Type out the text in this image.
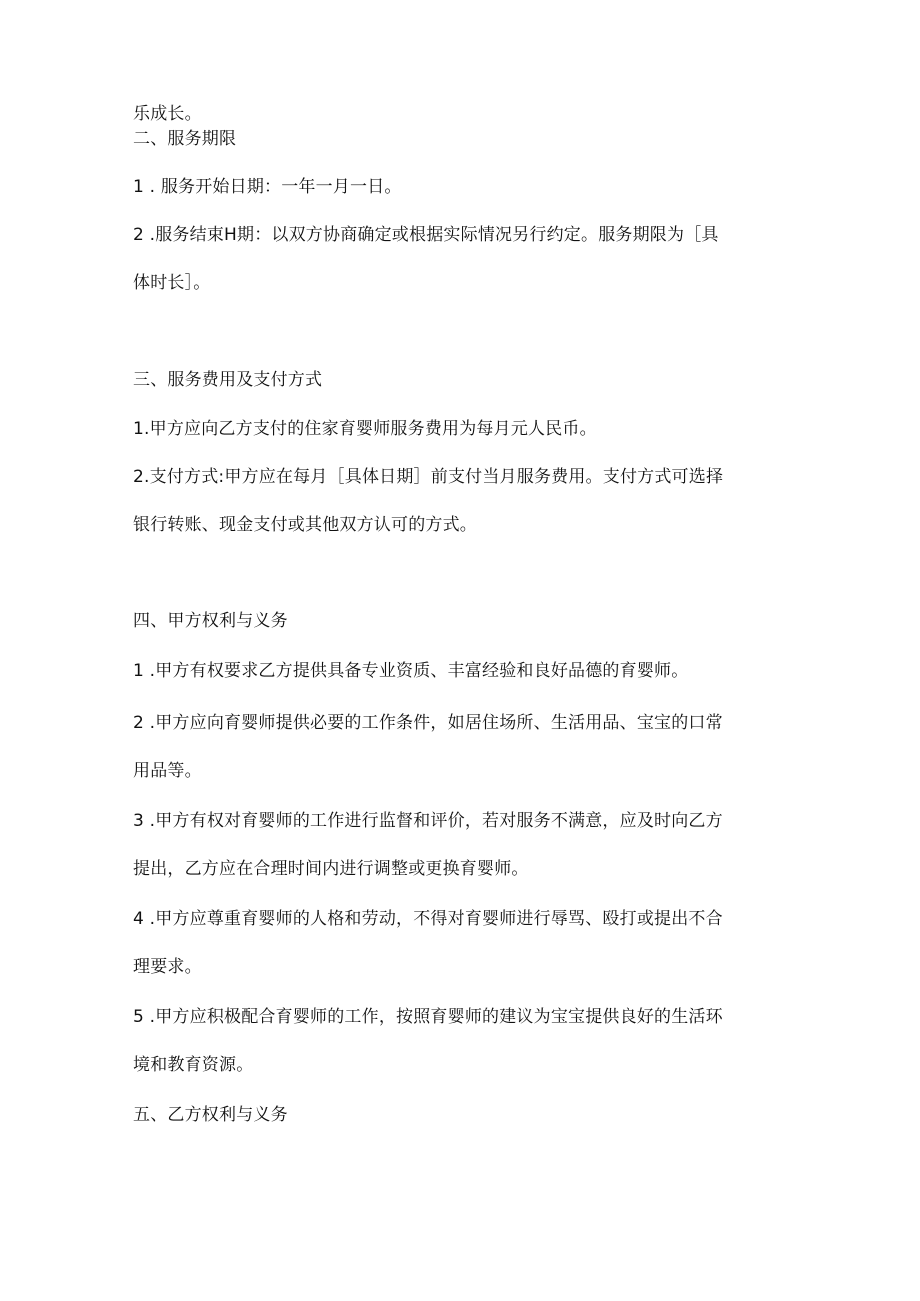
乐成长。
二、服务期限
1 . 服务开始日期：一年一月一日。
2 .服务结束H期：以双方协商确定或根据实际情况另行约定。服务期限为［具
体时长］。
三、服务费用及支付方式
1.甲方应向乙方支付的住家育婴师服务费用为每月元人民币。
2.支付方式:甲方应在每月［具体日期］前支付当月服务费用。支付方式可选择
银行转账、现金支付或其他双方认可的方式。
四、甲方权利与义务
1 .甲方有权要求乙方提供具备专业资质、丰富经验和良好品德的育婴师。
2 .甲方应向育婴师提供必要的工作条件，如居住场所、生活用品、宝宝的口常
用品等。
3 .甲方有权对育婴师的工作进行监督和评价，若对服务不满意，应及时向乙方
提出，乙方应在合理时间内进行调整或更换育婴师。
4 .甲方应尊重育婴师的人格和劳动，不得对育婴师进行辱骂、殴打或提出不合
理要求。
5 .甲方应积极配合育婴师的工作，按照育婴师的建议为宝宝提供良好的生活环
境和教育资源。
五、乙方权利与义务
